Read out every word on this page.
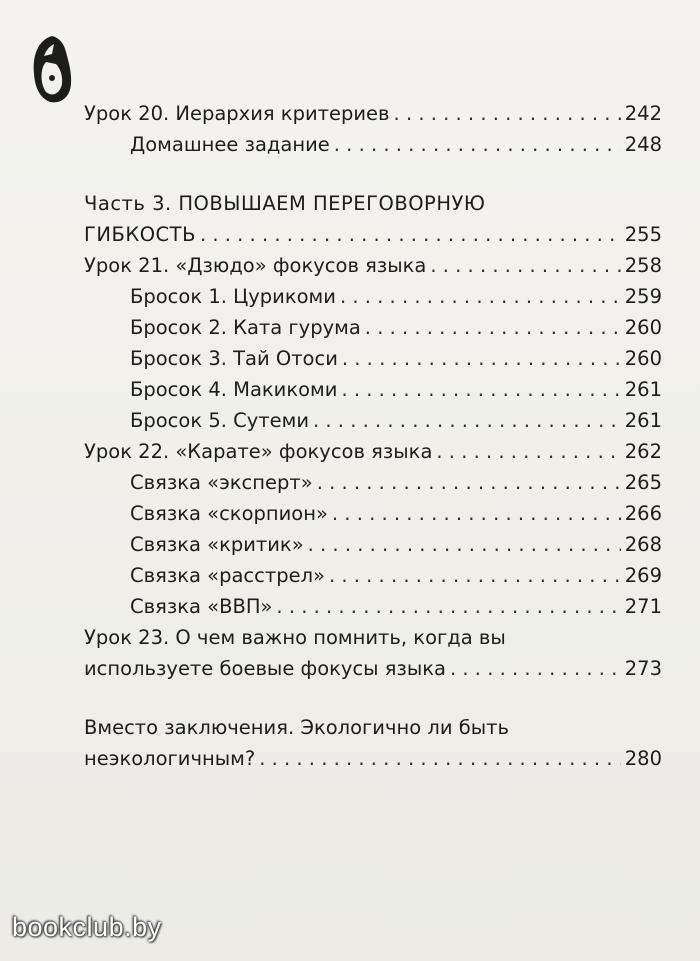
Урок 20. Иерархия критериев . . .	242
Домашнее задание . . .	248
Часть 3. ПОВЫШАЕМ ПЕРЕГОВОРНУЮ
ГИБКОСТЬ . . .	255
Урок 21. «Дзюдо» фокусов языка . . .	258
Бросок 1. Цурикоми . . .	259
Бросок 2. Ката гурума . . .	260
Бросок 3. Тай Отоси . . .	260
Бросок 4. Макикоми . . .	261
Бросок 5. Сутеми . . .	261
Урок 22. «Карате» фокусов языка . . .	262
Связка «эксперт» . . .	265
Связка «скорпион» . . .	266
Связка «критик» . . .	268
Связка «расстрел» . . .	269
Связка «ВВП» . . .	271
Урок 23. О чем важно помнить, когда вы
используете боевые фокусы языка . . .	273
Вместо заключения. Экологично ли быть
неэкологичным? . . .	280
bookclub.by
